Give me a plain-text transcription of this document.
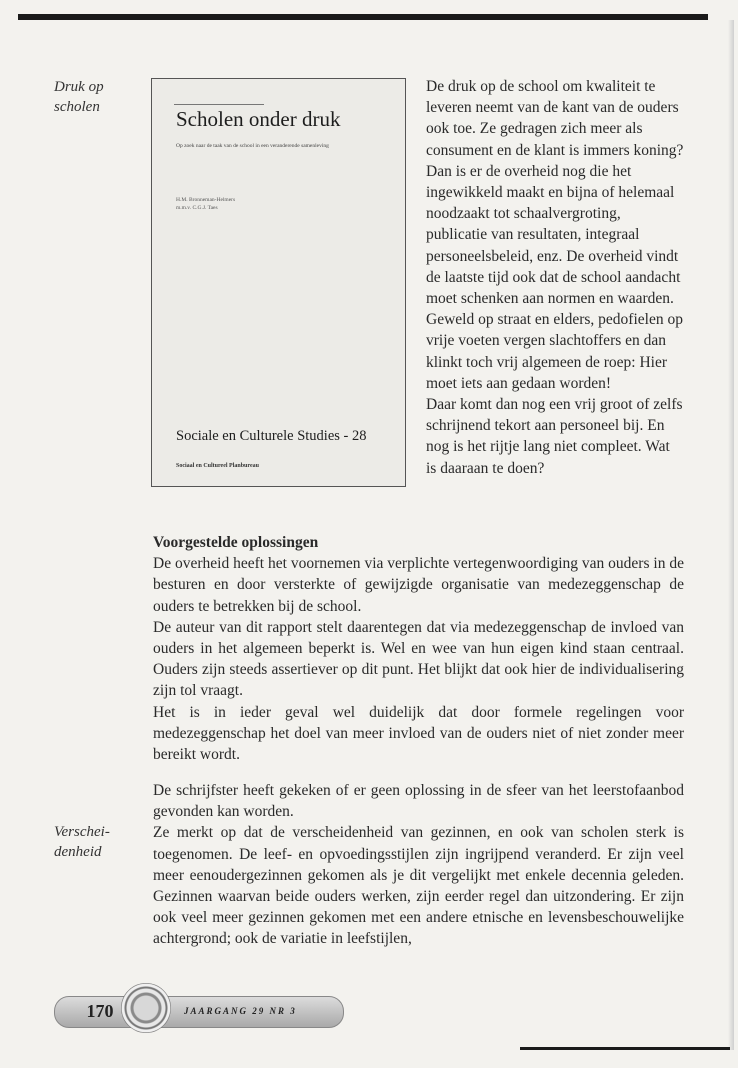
Druk op
scholen	Scholen onder druk
Op zoek naar de taak van de school in een veranderende samenleving
H.M. Bronneman-Helmers
m.m.v. C.G.J. Taes
Sociale en Culturele Studies - 28
Sociaal en Cultureel Planbureau

De druk op de school om kwaliteit te leveren neemt van de kant van de ouders ook toe. Ze gedragen zich meer als consument en de klant is immers koning?

Dan is er de overheid nog die het ingewikkeld maakt en bijna of helemaal noodzaakt tot schaalvergroting, publicatie van resultaten, integraal personeelsbeleid, enz. De overheid vindt de laatste tijd ook dat de school aandacht moet schenken aan normen en waarden. Geweld op straat en elders, pedofielen op vrije voeten vergen slachtoffers en dan klinkt toch vrij algemeen de roep: Hier moet iets aan gedaan worden!

Daar komt dan nog een vrij groot of zelfs schrijnend tekort aan personeel bij. En nog is het rijtje lang niet compleet. Wat is daaraan te doen?

Voorgestelde oplossingen

De overheid heeft het voornemen via verplichte vertegenwoordiging van ouders in de besturen en door versterkte of gewijzigde organisatie van medezeggenschap de ouders te betrekken bij de school.

De auteur van dit rapport stelt daarentegen dat via medezeggenschap de invloed van ouders in het algemeen beperkt is. Wel en wee van hun eigen kind staan centraal. Ouders zijn steeds assertiever op dit punt. Het blijkt dat ook hier de individualisering zijn tol vraagt.

Het is in ieder geval wel duidelijk dat door formele regelingen voor medezeggenschap het doel van meer invloed van de ouders niet of niet zonder meer bereikt wordt.

De schrijfster heeft gekeken of er geen oplossing in de sfeer van het leerstofaanbod gevonden kan worden.

Ze merkt op dat de verscheidenheid van gezinnen, en ook van scholen sterk is toegenomen. De leef- en opvoedingsstijlen zijn ingrijpend veranderd. Er zijn veel meer eenoudergezinnen gekomen als je dit vergelijkt met enkele decennia geleden. Gezinnen waarvan beide ouders werken, zijn eerder regel dan uitzondering. Er zijn ook veel meer gezinnen gekomen met een andere etnische en levensbeschouwelijke achtergrond; ook de variatie in leefstijlen,

Verschei-
denheid
170	JAARGANG 29 NR 3
